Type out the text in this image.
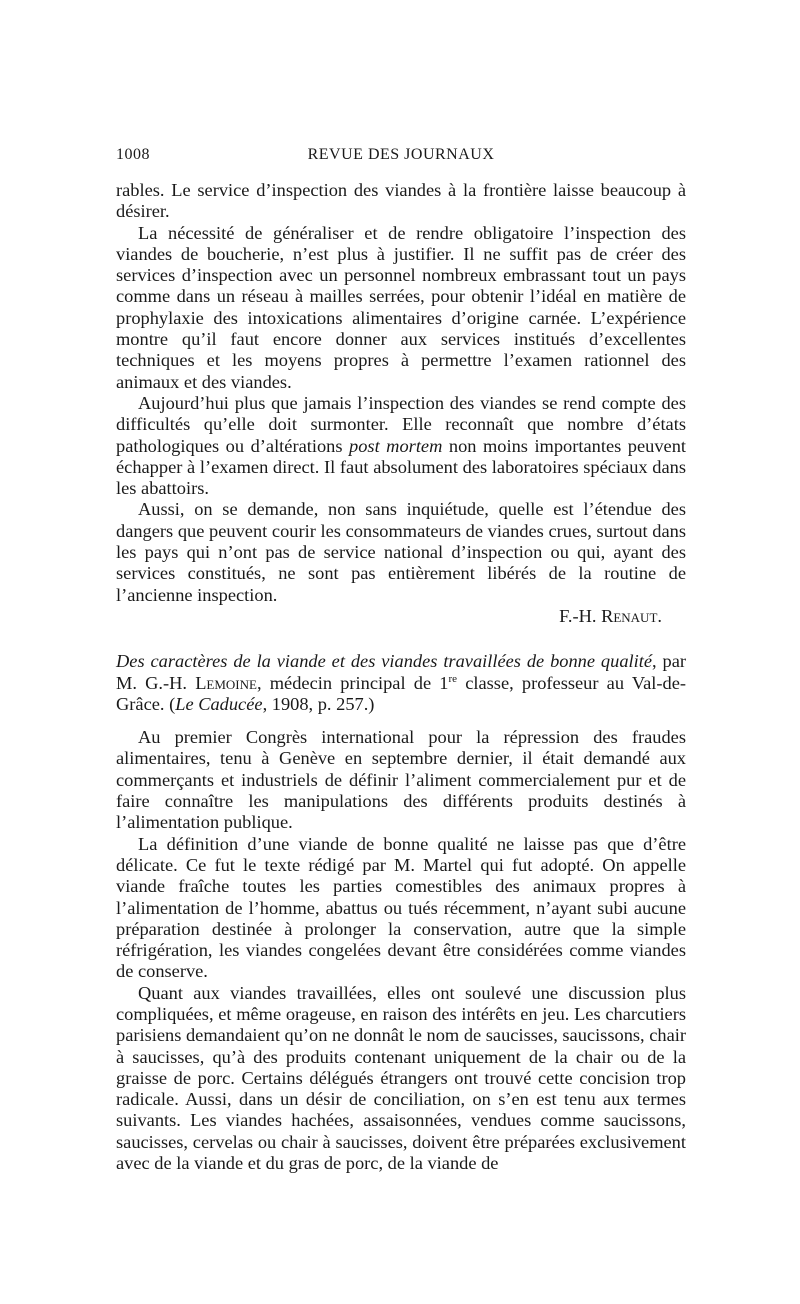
1008	REVUE DES JOURNAUX

rables. Le service d’inspection des viandes à la frontière laisse beaucoup à désirer.

La nécessité de généraliser et de rendre obligatoire l’inspection des viandes de boucherie, n’est plus à justifier. Il ne suffit pas de créer des services d’inspection avec un personnel nombreux embrassant tout un pays comme dans un réseau à mailles serrées, pour obtenir l’idéal en matière de prophylaxie des intoxications alimentaires d’origine carnée. L’expérience montre qu’il faut encore donner aux services institués d’excellentes techniques et les moyens propres à permettre l’examen rationnel des animaux et des viandes.

Aujourd’hui plus que jamais l’inspection des viandes se rend compte des difficultés qu’elle doit surmonter. Elle reconnaît que nombre d’états pathologiques ou d’altérations post mortem non moins importantes peuvent échapper à l’examen direct. Il faut absolument des laboratoires spéciaux dans les abattoirs.

Aussi, on se demande, non sans inquiétude, quelle est l’étendue des dangers que peuvent courir les consommateurs de viandes crues, surtout dans les pays qui n’ont pas de service national d’inspection ou qui, ayant des services constitués, ne sont pas entièrement libérés de la routine de l’ancienne inspection.

F.-H. Renaut.

Des caractères de la viande et des viandes travaillées de bonne qualité, par M. G.-H. Lemoine, médecin principal de 1re classe, professeur au Val-de-Grâce. (Le Caducée, 1908, p. 257.)

Au premier Congrès international pour la répression des fraudes alimentaires, tenu à Genève en septembre dernier, il était demandé aux commerçants et industriels de définir l’aliment commercialement pur et de faire connaître les manipulations des différents produits destinés à l’alimentation publique.

La définition d’une viande de bonne qualité ne laisse pas que d’être délicate. Ce fut le texte rédigé par M. Martel qui fut adopté. On appelle viande fraîche toutes les parties comestibles des animaux propres à l’alimentation de l’homme, abattus ou tués récemment, n’ayant subi aucune préparation destinée à prolonger la conservation, autre que la simple réfrigération, les viandes congelées devant être considérées comme viandes de conserve.

Quant aux viandes travaillées, elles ont soulevé une discussion plus compliquées, et même orageuse, en raison des intérêts en jeu. Les charcutiers parisiens demandaient qu’on ne donnât le nom de saucisses, saucissons, chair à saucisses, qu’à des produits contenant uniquement de la chair ou de la graisse de porc. Certains délégués étrangers ont trouvé cette concision trop radicale. Aussi, dans un désir de conciliation, on s’en est tenu aux termes suivants. Les viandes hachées, assaisonnées, vendues comme saucissons, saucisses, cervelas ou chair à saucisses, doivent être préparées exclusivement avec de la viande et du gras de porc, de la viande de
